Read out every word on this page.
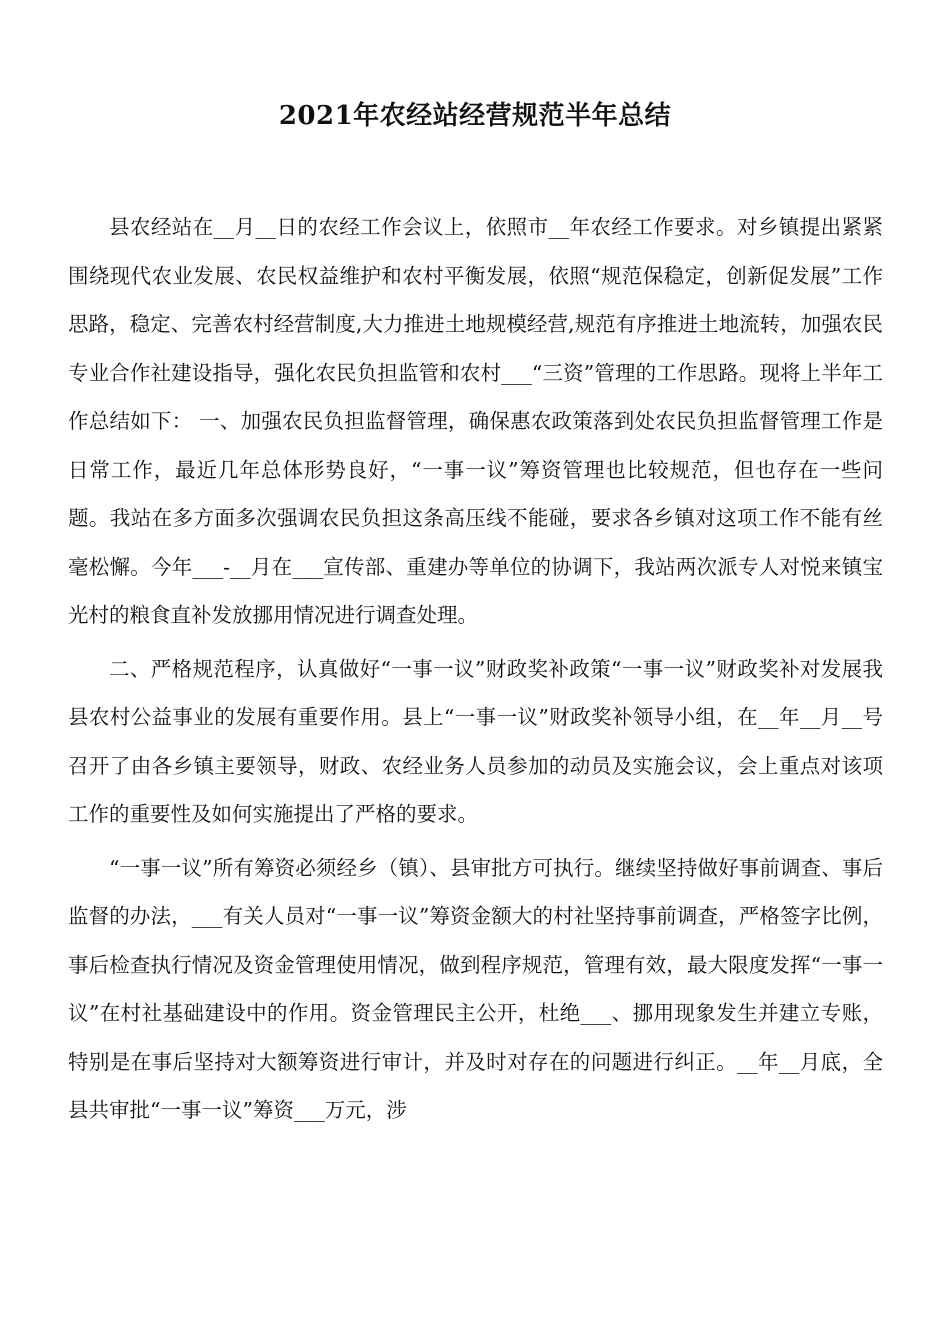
2021年农经站经营规范半年总结

县农经站在__月__日的农经工作会议上，依照市__年农经工作要求。对乡镇提出紧紧围绕现代农业发展、农民权益维护和农村平衡发展，依照“规范保稳定，创新促发展”工作思路，稳定、完善农村经营制度,大力推进土地规模经营,规范有序推进土地流转，加强农民专业合作社建设指导，强化农民负担监管和农村___“三资”管理的工作思路。现将上半年工作总结如下： 一、加强农民负担监督管理，确保惠农政策落到处农民负担监督管理工作是日常工作，最近几年总体形势良好，“一事一议”筹资管理也比较规范，但也存在一些问题。我站在多方面多次强调农民负担这条高压线不能碰，要求各乡镇对这项工作不能有丝毫松懈。今年___-__月在___宣传部、重建办等单位的协调下，我站两次派专人对悦来镇宝光村的粮食直补发放挪用情况进行调查处理。

二、严格规范程序，认真做好“一事一议”财政奖补政策“一事一议”财政奖补对发展我县农村公益事业的发展有重要作用。县上“一事一议”财政奖补领导小组，在__年__月__号召开了由各乡镇主要领导，财政、农经业务人员参加的动员及实施会议，会上重点对该项工作的重要性及如何实施提出了严格的要求。

“一事一议”所有筹资必须经乡（镇）、县审批方可执行。继续坚持做好事前调查、事后监督的办法，___有关人员对“一事一议”筹资金额大的村社坚持事前调查，严格签字比例，事后检查执行情况及资金管理使用情况，做到程序规范，管理有效，最大限度发挥“一事一议”在村社基础建设中的作用。资金管理民主公开，杜绝___、挪用现象发生并建立专账，特别是在事后坚持对大额筹资进行审计，并及时对存在的问题进行纠正。__年__月底，全县共审批“一事一议”筹资___万元，涉
